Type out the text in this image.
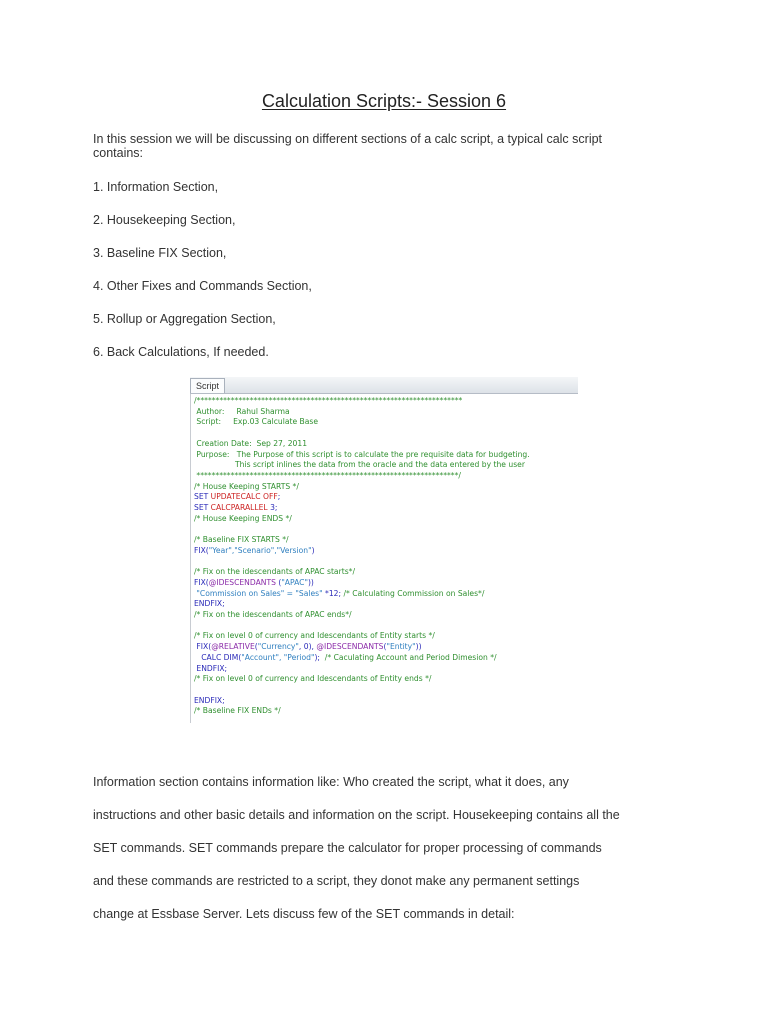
Calculation Scripts:- Session 6
In this session we will be discussing on different sections of a calc script, a typical calc script contains:
1. Information Section,
2. Housekeeping Section,
3. Baseline FIX Section,
4. Other Fixes and Commands Section,
5. Rollup or Aggregation Section,
6. Back Calculations, If needed.
Script
/**********************************************************************
Author:     Rahul Sharma
Script:     Exp.03 Calculate Base
Creation Date:  Sep 27, 2011
Purpose:   The Purpose of this script is to calculate the pre requisite data for budgeting.
This script inlines the data from the oracle and the data entered by the user
*********************************************************************/
/* House Keeping STARTS */
SET UPDATECALC OFF;
SET CALCPARALLEL 3;
/* House Keeping ENDS */
/* Baseline FIX STARTS */
FIX("Year","Scenario","Version")
/* Fix on the idescendants of APAC starts*/
FIX(@IDESCENDANTS ("APAC"))
"Commission on Sales" = "Sales" *12; /* Calculating Commission on Sales*/
ENDFIX;
/* Fix on the idescendants of APAC ends*/
/* Fix on level 0 of currency and Idescendants of Entity starts */
FIX(@RELATIVE("Currency", 0), @IDESCENDANTS("Entity"))
CALC DIM("Account", "Period");  /* Caculating Account and Period Dimesion */
ENDFIX;
/* Fix on level 0 of currency and Idescendants of Entity ends */
ENDFIX;
/* Baseline FIX ENDs */
Information section contains information like: Who created the script, what it does, any
instructions and other basic details and information on the script. Housekeeping contains all the
SET commands. SET commands prepare the calculator for proper processing of commands
and these commands are restricted to a script, they donot make any permanent settings
change at Essbase Server. Lets discuss few of the SET commands in detail:
